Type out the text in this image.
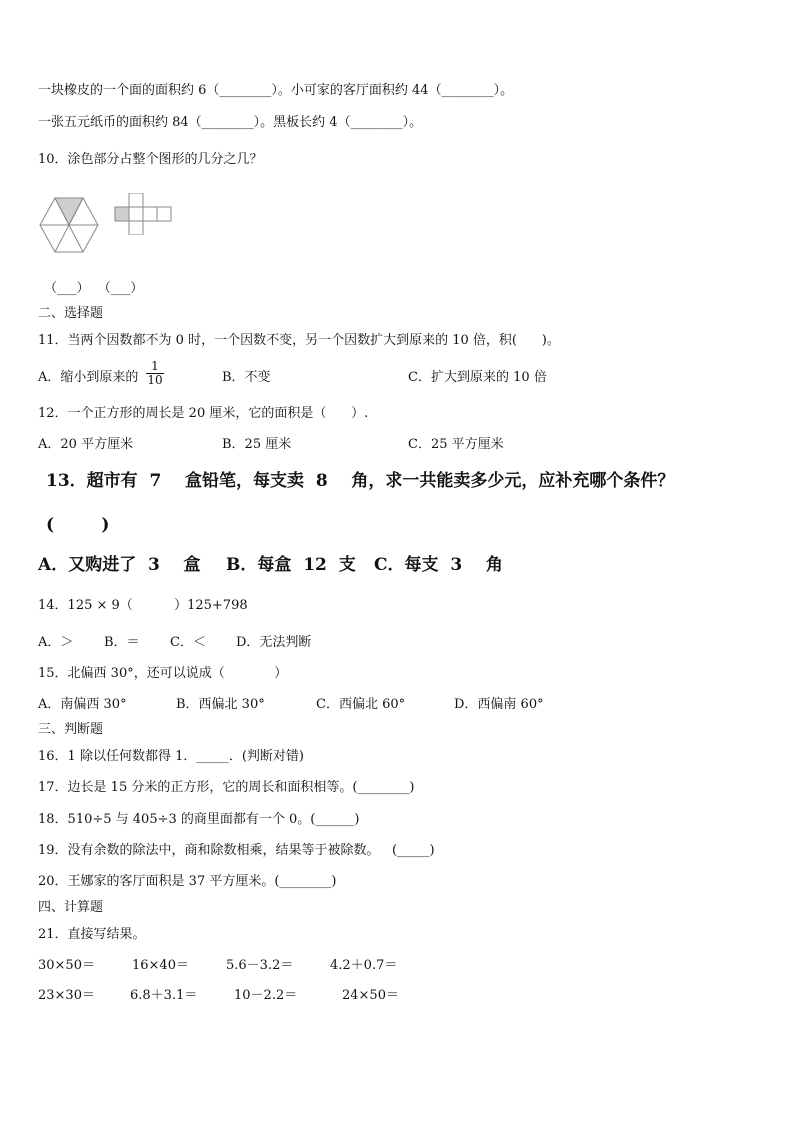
一块橡皮的一个面的面积约 6（________）。小可家的客厅面积约 44（________）。
一张五元纸币的面积约 84（________）。黑板长约 4（________）。
10．涂色部分占整个图形的几分之几？
（___）  （___）
二、选择题
11．当两个因数都不为 0 时，一个因数不变，另一个因数扩大到原来的 10 倍，积(      )。
A．缩小到原来的 $\frac{1}{10}$	B．不变	C．扩大到原来的 10 倍
12．一个正方形的周长是 20 厘米，它的面积是（      ）.
A．20 平方厘米	B．25 厘米	C．25 平方厘米
13．超市有  7    盒铅笔，每支卖  8    角，求一共能卖多少元，应补充哪个条件？
(        )
A．又购进了  3    盒 B．每盒  12  支 C．每支  3    角
14．125 × 9（          ）125+798
A．＞ B．＝ C．＜ D．无法判断
15．北偏西 30°，还可以说成（            ）
A．南偏西 30°	B．西偏北 30°	C．西偏北 60°	D．西偏南 60°
三、判断题
16．1 除以任何数都得 1．_____．(判断对错)
17．边长是 15 分米的正方形，它的周长和面积相等。(________)
18．510÷5 与 405÷3 的商里面都有一个 0。(______)
19．没有余数的除法中，商和除数相乘，结果等于被除数。   (_____)
20．王娜家的客厅面积是 37 平方厘米。(________)
四、计算题
21．直接写结果。
30×50＝	16×40＝	5.6－3.2＝	4.2＋0.7＝
23×30＝	6.8＋3.1＝	10－2.2＝	24×50＝
